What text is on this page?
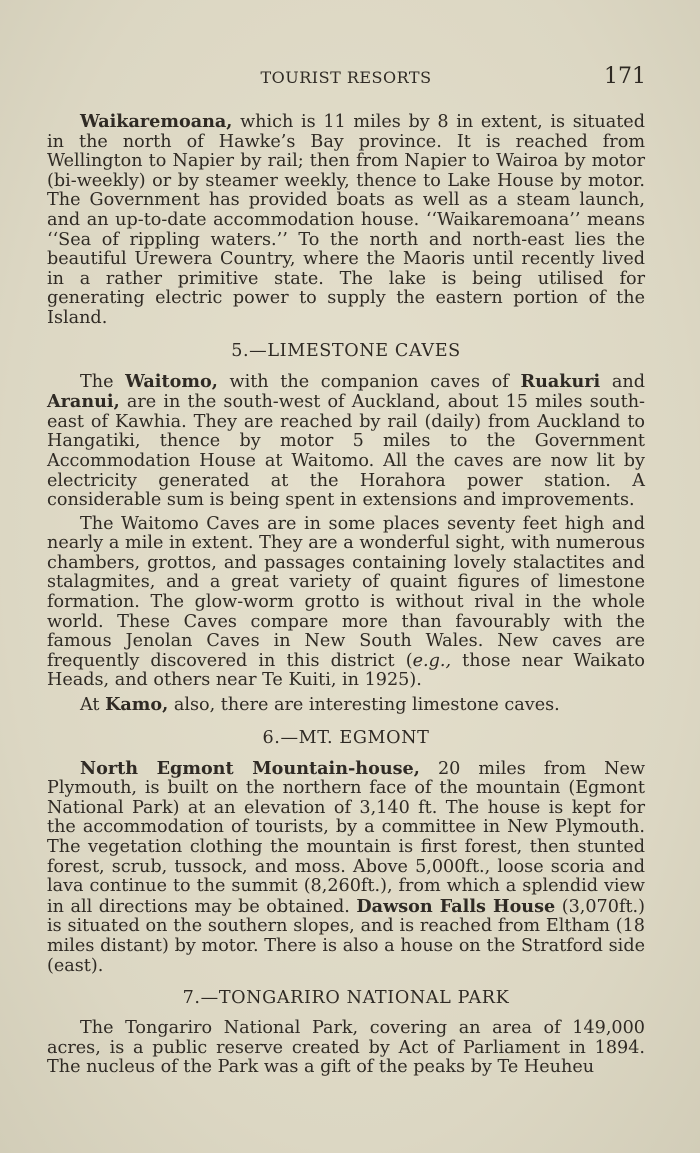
TOURIST RESORTS	171

Waikaremoana, which is 11 miles by 8 in extent, is situated in the north of Hawke’s Bay province. It is reached from Wellington to Napier by rail; then from Napier to Wairoa by motor (bi-weekly) or by steamer weekly, thence to Lake House by motor. The Government has provided boats as well as a steam launch, and an up-to-date accommodation house. ‘‘Waikaremoana’’ means ‘‘Sea of rippling waters.’’ To the north and north-east lies the beautiful Urewera Country, where the Maoris until recently lived in a rather primitive state. The lake is being utilised for generating electric power to supply the eastern portion of the Island.

5.—LIMESTONE CAVES

The Waitomo, with the companion caves of Ruakuri and Aranui, are in the south-west of Auckland, about 15 miles south-east of Kawhia. They are reached by rail (daily) from Auckland to Hangatiki, thence by motor 5 miles to the Government Accommodation House at Waitomo. All the caves are now lit by electricity generated at the Horahora power station. A considerable sum is being spent in extensions and improvements.

The Waitomo Caves are in some places seventy feet high and nearly a mile in extent. They are a wonderful sight, with numerous chambers, grottos, and passages containing lovely stalactites and stalagmites, and a great variety of quaint figures of limestone formation. The glow-worm grotto is without rival in the whole world. These Caves compare more than favourably with the famous Jenolan Caves in New South Wales. New caves are frequently discovered in this district (e.g., those near Waikato Heads, and others near Te Kuiti, in 1925).

At Kamo, also, there are interesting limestone caves.

6.—MT. EGMONT

North Egmont Mountain-house, 20 miles from New Plymouth, is built on the northern face of the mountain (Egmont National Park) at an elevation of 3,140 ft. The house is kept for the accommodation of tourists, by a committee in New Plymouth. The vegetation clothing the mountain is first forest, then stunted forest, scrub, tussock, and moss. Above 5,000ft., loose scoria and lava continue to the summit (8,260ft.), from which a splendid view in all directions may be obtained. Dawson Falls House (3,070ft.) is situated on the southern slopes, and is reached from Eltham (18 miles distant) by motor. There is also a house on the Stratford side (east).

7.—TONGARIRO NATIONAL PARK

The Tongariro National Park, covering an area of 149,000 acres, is a public reserve created by Act of Parliament in 1894. The nucleus of the Park was a gift of the peaks by Te Heuheu
